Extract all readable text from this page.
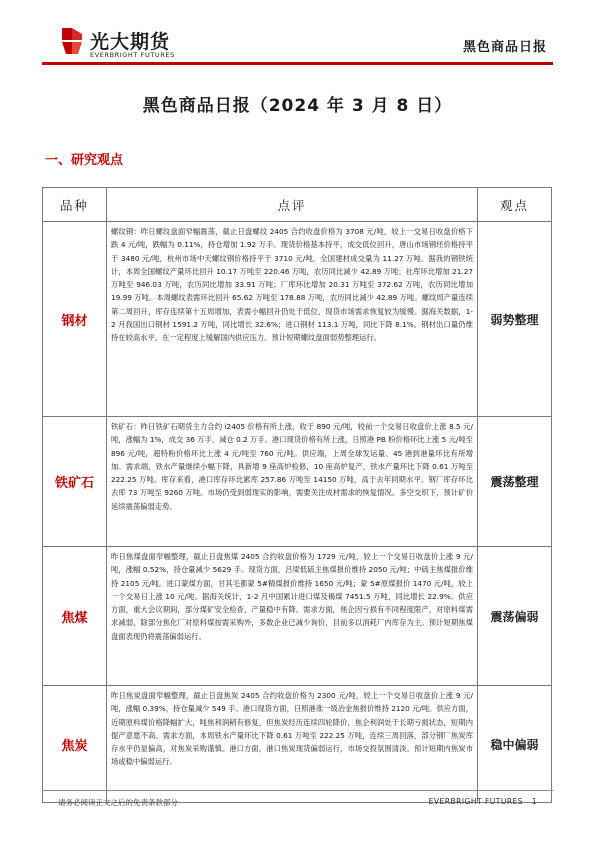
光大期货
EVERBRIGHT FUTURES	黑色商品日报
黑色商品日报（2024 年 3 月 8 日）
一、研究观点
品种	点评	观点
钢材	螺纹钢：昨日螺纹盘面窄幅震荡，截止日盘螺纹 2405 合约收盘价格为 3708 元/吨，较上一交易日收盘价格下跌 4 元/吨，跌幅为 0.11%，持仓增加 1.92 万手。现货价格基本持平，成交低位回升，唐山市场钢坯价格持平于 3480 元/吨，杭州市场中天螺纹钢价格持平于 3710 元/吨，全国建材成交量为 11.27 万吨。据我的钢铁统计，本周全国螺纹产量环比回升 10.17 万吨至 220.46 万吨，农历同比减少 42.89 万吨；社库环比增加 21.27 万吨至 946.03 万吨，农历同比增加 33.91 万吨；厂库环比增加 20.31 万吨至 372.62 万吨，农历同比增加 19.99 万吨。本周螺纹表需环比回升 65.62 万吨至 178.88 万吨，农历同比减少 42.89 万吨。螺纹周产量连续第二周回升，库存连续第十五周增加，表需小幅回升仍处于低位，现货市场需求恢复较为缓慢。据海关数据，1-2 月我国出口钢材 1591.2 万吨，同比增长 32.6%；进口钢材 113.1 万吨，同比下降 8.1%。钢材出口量仍维持在较高水平，在一定程度上缓解国内供应压力。预计短期螺纹盘面弱势整理运行。	弱势整理
铁矿石	铁矿石：昨日铁矿石期货主力合约 i2405 价格有所上涨，收于 890 元/吨，较前一个交易日收盘价上涨 8.5 元/吨，涨幅为 1%，成交 36 万手，减仓 0.2 万手。港口现货价格有所上涨，日照港 PB 粉价格环比上涨 5 元/吨至 896 元/吨，超特粉价格环比上涨 4 元/吨至 760 元/吨。供应端，上周全球发运量、45 港到港量环比有所增加。需求端，铁水产量继续小幅下降，具新增 9 座高炉检修，10 座高炉复产，铁水产量环比下降 0.61 万吨至 222.25 万吨。库存来看，港口库存环比累库 257.86 万吨至 14150 万吨，高于去年同期水平。钢厂库存环比去库 73 万吨至 9260 万吨。市场仍受到弱现实的影响，需要关注成材需求的恢复情况。多空交织下，预计矿价延续震荡偏弱走势。	震荡整理
焦煤	昨日焦煤盘面窄幅整理，截止日盘焦煤 2405 合约收盘价格为 1729 元/吨，较上一个交易日收盘价上涨 9 元/吨，涨幅 0.52%，持仓量减少 5629 手。现货方面，吕梁低硫主焦煤报价维持 2050 元/吨；中硫主焦煤报价维持 2105 元/吨。进口蒙煤方面，甘其毛都蒙 5#精煤报价维持 1650 元/吨；蒙 5#原煤报价 1470 元/吨，较上一个交易日上涨 10 元/吨。据海关统计，1-2 月中国累计进口煤及褐煤 7451.5 万吨，同比增长 22.9%。供应方面，重大会议期间，部分煤矿安全检查，产量稳中有降。需求方面，焦企因亏损有不同程度限产，对原料煤需求减弱，除部分焦化厂对原料煤按需采购外，多数企业已减少询价，目前多以消耗厂内库存为主。预计短期焦煤盘面表现仍将震荡偏弱运行。	震荡偏弱
焦炭	昨日焦炭盘面窄幅整理，截止日盘焦炭 2405 合约收盘价格为 2300 元/吨，较上一个交易日收盘价上涨 9 元/吨，涨幅 0.39%，持仓量减少 549 手。港口现货方面，日照港准一级冶金焦报价维持 2120 元/吨。供应方面，近期原料煤价格降幅扩大，吨焦利润稍有修复，但焦炭经历连续四轮降价，焦企利润处于长期亏损状态，短期内提产意愿不高。需求方面，本周铁水产量环比下降 0.61 万吨至 222.25 万吨，连续三周回落，部分钢厂焦炭库存水平仍显偏高，对焦炭采购谨慎。港口方面，港口焦炭现货偏弱运行，市场交投氛围清淡。预计短期内焦炭市场或稳中偏弱运行。	稳中偏弱
请务必阅读正文之后的免责条款部分	EVERBRIGHT FUTURES 1
